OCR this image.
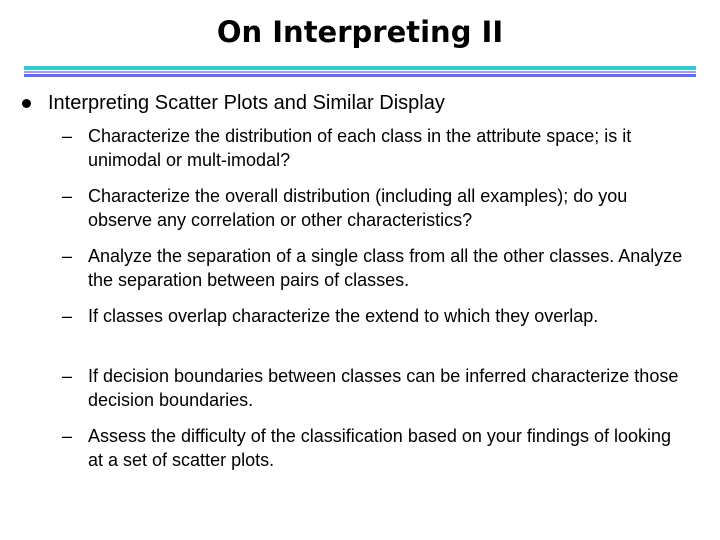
On Interpreting II
Interpreting Scatter Plots and Similar Display
– Characterize the distribution of each class in the attribute space; is it unimodal or mult-imodal?
– Characterize the overall distribution (including all examples); do you observe any correlation or other characteristics?
– Analyze the separation of a single class from all the other classes. Analyze the separation between pairs of classes.
– If classes overlap characterize the extend to which they overlap.
– If decision boundaries between classes can be inferred characterize those decision boundaries.
– Assess the difficulty of the classification based on your findings of looking at a set of scatter plots.
